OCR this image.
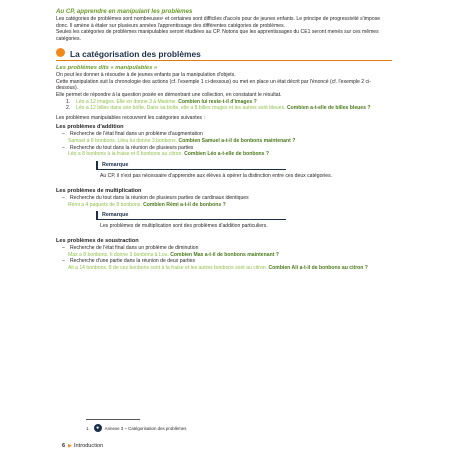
Au CP, apprendre en manipulant les problèmes

Les catégories de problèmes sont nombreuses¹ et certaines sont difficiles d'accès pour de jeunes enfants. Le principe de progressivité s'impose donc. Il amène à étaler sur plusieurs années l'apprentissage des différentes catégories de problèmes.

Seules les catégories de problèmes manipulables seront étudiées au CP. Notons que les apprentissages du CE1 seront menés sur ces mêmes catégories.

La catégorisation des problèmes

Les problèmes dits « manipulables »

On peut les donner à résoudre à de jeunes enfants par la manipulation d'objets.

Cette manipulation suit la chronologie des actions (cf. l'exemple 1 ci-dessous) ou met en place un état décrit par l'énoncé (cf. l'exemple 2 ci-dessous).

Elle permet de répondre à la question posée en démontrant une collection, en constatant le résultat.

1. Léo a 12 images. Elle en donne 3 à Maxime. Combien lui reste-t-il d'images ?

2. Léo a 12 billes dans une boîte. Dans sa boîte, elle a 8 billes rouges et les autres sont bleues. Combien a-t-elle de billes bleues ?

Les problèmes manipulables recouvrent les catégories suivantes :

Les problèmes d'addition

– Recherche de l'état final dans un problème d'augmentation

Samuel a 8 bonbons. Lilou lui donne 3 bonbons. Combien Samuel a-t-il de bonbons maintenant ?

– Recherche du tout dans la réunion de plusieurs parties

Léo a 8 bonbons à la fraise et 6 bonbons au citron. Combien Léo a-t-elle de bonbons ?

Remarque
Au CP, il n'est pas nécessaire d'apprendre aux élèves à opérer la distinction entre ces deux catégories.

Les problèmes de multiplication

– Recherche du tout dans la réunion de plusieurs parties de cardinaux identiques

Rémi a 4 paquets de 8 bonbons. Combien Rémi a-t-il de bonbons ?

Remarque
Les problèmes de multiplication sont des problèmes d'addition particuliers.

Les problèmes de soustraction

– Recherche de l'état final dans un problème de diminution

Max a 8 bonbons. Il donne 3 bonbons à Lou. Combien Max a-t-il de bonbons maintenant ?

– Recherche d'une partie dans la réunion de deux parties

Ali a 14 bonbons. 8 de ces bonbons sont à la fraise et les autres bonbons sont au citron. Combien Ali a-t-il de bonbons au citron ?

1.	●	Annexe 3 – Catégorisation des problèmes
6 ▶ Introduction
